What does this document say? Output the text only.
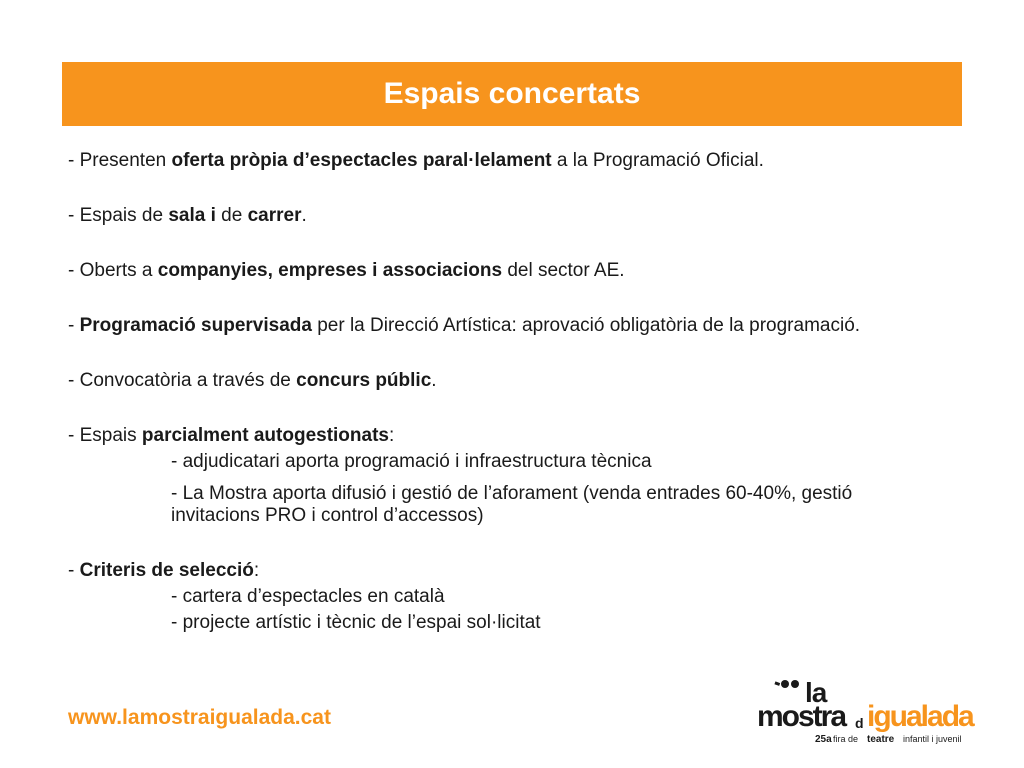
Espais concertats

- Presenten oferta pròpia d’espectacles paral·lelament a la Programació Oficial.

- Espais de sala i de carrer.

- Oberts a companyies, empreses i associacions del sector AE.

- Programació supervisada per la Direcció Artística: aprovació obligatòria de la programació.

- Convocatòria a través de concurs públic.

- Espais parcialment autogestionats:

- adjudicatari aporta programació i infraestructura tècnica

- La Mostra aporta difusió i gestió de l’aforament (venda entrades 60-40%, gestió

invitacions PRO i control d’accessos)

- Criteris de selecció:

- cartera d’espectacles en català

- projecte artístic i tècnic de l’espai sol·licitat

www.lamostraigualada.cat
la
mostra d igualada
25a fira de teatre infantil i juvenil
